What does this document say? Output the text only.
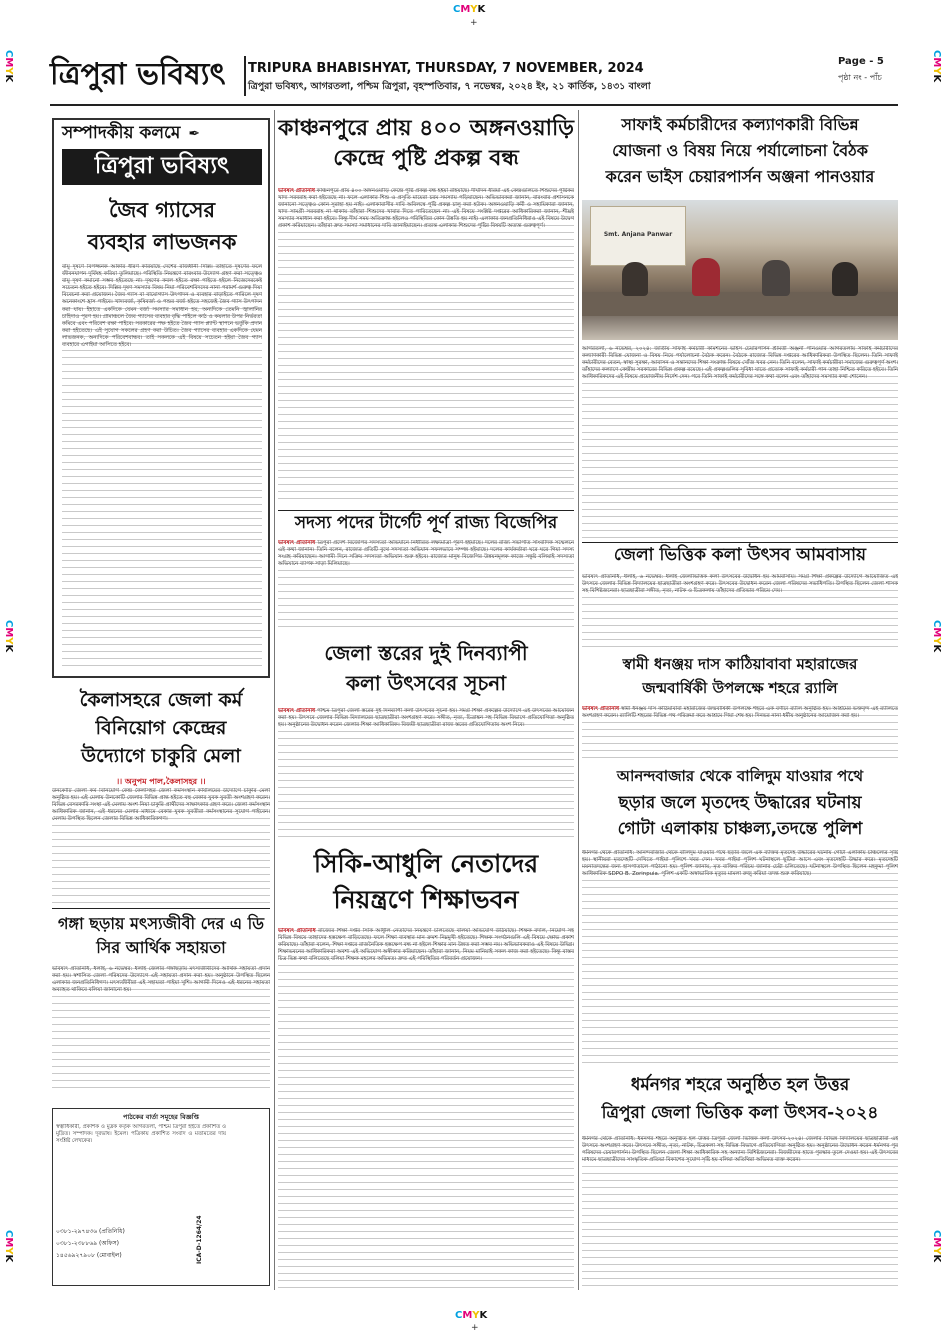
CMYK
+
CMYK
+
CMYK
CMYK
CMYK
CMYK
CMYK
CMYK
ত্রিপুরা ভবিষ্যৎ	TRIPURA BHABISHYAT, THURSDAY, 7 NOVEMBER, 2024
ত্রিপুরা ভবিষ্যৎ, আগরতলা, পশ্চিম ত্রিপুরা, বৃহস্পতিবার, ৭ নভেম্বর, ২০২৪ ইং, ২১ কার্তিক, ১৪৩১ বাংলা
Page - 5
পৃষ্ঠা নং - পাঁচ
সম্পাদকীয় কলমে ✒
ত্রিপুরা ভবিষ্যৎ
জৈব গ্যাসের
ব্যবহার লাভজনক
বায়ু দূষণে বিপজ্জনক আকার ধারণ করিয়াছে দেশের রাজধানী দিল্লি। তাহাতে দূষণের ফলে জীবনযাপন দুর্বিষহ করিয়া তুলিয়াছে। পরিস্থিতি নিয়ন্ত্রণে বারংবার উদ্যোগ গ্রহণ করা সত্ত্বেও বায়ু দূষণ কমানো সম্ভব হইতেছে না। দূষণের কবল হইতে রক্ষা পাইতে হইলে নিজেদেরকেই সচেতন হইতে হইবে। দিল্লির দূষণ সমস্যার বিষয় নিয়া পরিবেশবিদদের নানা পরামর্শ গুরুত্ব দিয়া বিবেচনা করা প্রয়োজন। জৈব গ্যাস বা বায়োগ্যাস উৎপাদন ও ব্যবহার বাড়াইতে পারিলে দূষণ অনেকাংশে হ্রাস পাইবে। খাদ্যবর্জ্য, কৃষিবর্জ্য ও পশুর বর্জ্য হইতে সহজেই জৈব গ্যাস উৎপাদন করা যায়। ইহাতে একদিকে যেমন বর্জ্য সমস্যার সমাধান হয়, অন্যদিকে তেমনি জ্বালানির চাহিদাও পূরণ হয়। গ্রামাঞ্চলে জৈব গ্যাসের ব্যবহার বৃদ্ধি পাইলে কাঠ ও কয়লার উপর নির্ভরতা কমিবে এবং পরিবেশ রক্ষা পাইবে। সরকারের পক্ষ হইতে জৈব গ্যাস প্ল্যান্ট স্থাপনে ভর্তুকি প্রদান করা হইতেছে। এই সুযোগ সকলের গ্রহণ করা উচিত। জৈব গ্যাসের ব্যবহার একদিকে যেমন লাভজনক, অন্যদিকে পরিবেশবান্ধব। তাই সকলকে এই বিষয়ে সচেতন হইয়া জৈব গ্যাস ব্যবহারে এগাইয়া আসিতে হইবে।
কৈলাসহরে জেলা কর্ম
বিনিয়োগ কেন্দ্রের
উদ্যোগে চাকুরি মেলা
।। অনুপম পাল,কৈলাসহর ।।
উনকোটি জেলা কর্ম বিনিয়োগ কেন্দ্র কৈলাসহর জেলা কর্মসংস্থান কার্যালয়ের উদ্যোগে চাকুরি মেলা অনুষ্ঠিত হয়। এই মেলায় উনকোটি জেলার বিভিন্ন প্রান্ত হইতে বহু বেকার যুবক যুবতী অংশগ্রহণ করেন। বিভিন্ন বেসরকারি সংস্থা এই মেলায় অংশ নিয়া চাকুরি প্রার্থীদের সাক্ষাৎকার গ্রহণ করে। জেলা কর্মসংস্থান আধিকারিক জানান, এই ধরনের মেলার মাধ্যমে বেকার যুবক যুবতীরা কর্মসংস্থানের সুযোগ পাইবেন। মেলায় উপস্থিত ছিলেন জেলার বিভিন্ন আধিকারিকগণ।
গঙ্গা ছড়ায় মৎস্যজীবী দের এ ডি সির আর্থিক সহায়তা
ভবিষ্যৎ প্রতিনিধি, ধলাই, ৬ নভেম্বর: ধলাই জেলার গঙ্গাছড়ায় মৎস্যজীবীদের আর্থিক সহায়তা প্রদান করা হয়। স্বশাসিত জেলা পরিষদের উদ্যোগে এই সহায়তা প্রদান করা হয়। অনুষ্ঠানে উপস্থিত ছিলেন এলাকার জনপ্রতিনিধিগণ। মৎস্যজীবীরা এই সহায়তা পাইয়া খুশি। আগামী দিনেও এই ধরনের সহায়তা অব্যাহত থাকিবে বলিয়া জানানো হয়।
পাঠকের বার্তা সমূহের বিজ্ঞপ্তি
স্বত্বাধিকারী, প্রকাশক ও মুদ্রক কর্তৃক আগরতলা, পশ্চিম ত্রিপুরা হইতে প্রকাশিত ও মুদ্রিত। সম্পাদক। দূরভাষ। ইমেল। পত্রিকায় প্রকাশিত সংবাদ ও মতামতের দায় সংশ্লিষ্ট লেখকের।
০৩৮১-২৯৭৪৩৬ (প্রতিনিধি)
০৩৮১-২৩৮৮৬৯ (অফিস)
১৪৫৬৯২৭৯০৮ (মোবাইল)	ICA-D-1264/24
কাঞ্চনপুরে প্রায় ৪০০ অঙ্গনওয়াড়ি
কেন্দ্রে পুষ্টি প্রকল্প বন্ধ
ভবিষ্যৎ প্রতিনিধি কাঞ্চনপুরে প্রায় ৪০০ অঙ্গনওয়াড়ি কেন্দ্রে পুষ্টি প্রকল্প বন্ধ হইয়া রহিয়াছে। দীর্ঘদিন ধরিয়া এই কেন্দ্রগুলিতে শিশুদের পুষ্টিকর খাদ্য সরবরাহ করা হইতেছে না। ফলে এলাকার শিশু ও প্রসূতি মায়েরা চরম সমস্যায় পড়িয়াছেন। অভিভাবকরা জানান, বারংবার প্রশাসনকে জানানো সত্ত্বেও কোন সুরাহা হয় নাই। এলাকাবাসীর দাবি অবিলম্বে পুষ্টি প্রকল্প চালু করা হউক। অঙ্গনওয়াড়ি কর্মী ও সহায়িকারা জানান, খাদ্য সামগ্রী সরবরাহ না থাকায় তাঁহারা শিশুদের খাবার দিতে পারিতেছেন না। এই বিষয়ে সংশ্লিষ্ট দপ্তরের আধিকারিকরা জানান, শীঘ্রই সমস্যার সমাধান করা হইবে। কিন্তু দীর্ঘ সময় অতিক্রান্ত হইলেও পরিস্থিতির কোন উন্নতি হয় নাই। এলাকার জনপ্রতিনিধিরাও এই বিষয়ে উদ্বেগ প্রকাশ করিয়াছেন। তাঁহারা দ্রুত সমস্যা সমাধানের দাবি জানাইয়াছেন। প্রত্যন্ত এলাকার শিশুদের পুষ্টির বিষয়টি অত্যন্ত গুরুত্বপূর্ণ।
সদস্য পদের টার্গেট পূর্ণ রাজ্য বিজেপির
ভবিষ্যৎ প্রতিনিধি ত্রিপুরা প্রদেশ বিজেপির সদস্যতা অভিযানে নির্ধারিত লক্ষ্যমাত্রা পূরণ হইয়াছে। দলের রাজ্য সভাপতি সাংবাদিক সম্মেলনে এই কথা জানান। তিনি বলেন, রাজ্যের প্রতিটি বুথে সদস্যতা অভিযান সফলভাবে সম্পন্ন হইয়াছে। দলের কার্যকর্তারা ঘরে ঘরে গিয়া সদস্য সংগ্রহ করিয়াছেন। আগামী দিনে সক্রিয় সদস্যতা অভিযান শুরু হইবে। রাজ্যের মানুষ বিজেপির উন্নয়নমূলক কাজে সন্তুষ্ট বলিয়াই সদস্যতা অভিযানে ব্যাপক সাড়া মিলিয়াছে।
জেলা স্তরের দুই দিনব্যাপী
কলা উৎসবের সূচনা
ভবিষ্যৎ প্রতিনিধি পশ্চিম ত্রিপুরা জেলা স্তরের দুই দিনব্যাপী কলা উৎসবের সূচনা হয়। সমগ্র শিক্ষা প্রকল্পের উদ্যোগে এই উৎসবের আয়োজন করা হয়। উৎসবে জেলার বিভিন্ন বিদ্যালয়ের ছাত্রছাত্রীরা অংশগ্রহণ করে। সঙ্গীত, নৃত্য, চিত্রাঙ্কন সহ বিভিন্ন বিভাগে প্রতিযোগিতা অনুষ্ঠিত হয়। অনুষ্ঠানের উদ্বোধন করেন জেলার শিক্ষা আধিকারিক। বিজয়ী ছাত্রছাত্রীরা রাজ্য স্তরের প্রতিযোগিতায় অংশ নিবে।
সিকি-আধুলি নেতাদের
নিয়ন্ত্রণে শিক্ষাভবন
ভবিষ্যৎ প্রতিনিধি রাজ্যের শিক্ষা দপ্তর সিকি আধুলি নেতাদের নিয়ন্ত্রণে চলিতেছে বলিয়া অভিযোগ উঠিয়াছে। শিক্ষক বদলি, নিয়োগ সহ বিভিন্ন বিষয়ে তাহাদের হস্তক্ষেপ বাড়িতেছে। ফলে শিক্ষা ব্যবস্থার মান ক্রমশ নিম্নমুখী হইতেছে। শিক্ষক সংগঠনগুলি এই বিষয়ে ক্ষোভ প্রকাশ করিয়াছে। তাঁহারা বলেন, শিক্ষা দপ্তরে রাজনৈতিক হস্তক্ষেপ বন্ধ না হইলে শিক্ষার মান উন্নত করা সম্ভব নয়। অভিভাবকরাও এই বিষয়ে উদ্বিগ্ন। শিক্ষাভবনের আধিকারিকরা অবশ্য এই অভিযোগ অস্বীকার করিয়াছেন। তাঁহারা জানান, নিয়ম মানিয়াই সকল কাজ করা হইতেছে। কিন্তু বাস্তব চিত্র ভিন্ন কথা বলিতেছে বলিয়া শিক্ষক মহলের অভিমত। দ্রুত এই পরিস্থিতির পরিবর্তন প্রয়োজন।
সাফাই কর্মচারীদের কল্যাণকারী বিভিন্ন
যোজনা ও বিষয় নিয়ে পর্যালোচনা বৈঠক
করেন ভাইস চেয়ারপার্সন অঞ্জনা পানওয়ার
Smt. Anjana Panwar
আগরতলা, ৬ নভেম্বর, ২০২৪: জাতীয় সাফাই কর্মচারী কমিশনের ভাইস চেয়ারপার্সন শ্রীমতী অঞ্জনা পানওয়ার আগরতলায় সাফাই কর্মচারীদের কল্যাণকারী বিভিন্ন যোজনা ও বিষয় নিয়ে পর্যালোচনা বৈঠক করেন। বৈঠকে রাজ্যের বিভিন্ন দপ্তরের আধিকারিকরা উপস্থিত ছিলেন। তিনি সাফাই কর্মচারীদের বেতন, স্বাস্থ্য সুরক্ষা, আবাসন ও সন্তানদের শিক্ষা সংক্রান্ত বিষয়ে খোঁজ খবর নেন। তিনি বলেন, সাফাই কর্মচারীরা সমাজের গুরুত্বপূর্ণ অংশ। তাঁহাদের কল্যাণে কেন্দ্রীয় সরকারের বিভিন্ন প্রকল্প রয়েছে। এই প্রকল্পগুলির সুবিধা যাতে প্রত্যেক সাফাই কর্মচারী পান তাহা নিশ্চিত করিতে হইবে। তিনি আধিকারিকদের এই বিষয়ে প্রয়োজনীয় নির্দেশ দেন। পরে তিনি সাফাই কর্মচারীদের সঙ্গে কথা বলেন এবং তাঁহাদের সমস্যার কথা শোনেন।
জেলা ভিত্তিক কলা উৎসব আমবাসায়
ভবিষ্যৎ প্রতিনিধি, ধলাই, ৬ নভেম্বর: ধলাই জেলাভিত্তিক কলা উৎসবের উদ্বোধন হয় আমবাসায়। সমগ্র শিক্ষা প্রকল্পের উদ্যোগে আয়োজিত এই উৎসবে জেলার বিভিন্ন বিদ্যালয়ের ছাত্রছাত্রীরা অংশগ্রহণ করে। উৎসবের উদ্বোধন করেন জেলা পরিষদের সভাধিপতি। উপস্থিত ছিলেন জেলা শাসক সহ বিশিষ্টজনেরা। ছাত্রছাত্রীরা সঙ্গীত, নৃত্য, নাটক ও চিত্রকলায় তাঁহাদের প্রতিভার পরিচয় দেয়।
স্বামী ধনঞ্জয় দাস কাঠিয়াবাবা মহারাজের
জন্মবার্ষিকী উপলক্ষে শহরে র‍্যালি
ভবিষ্যৎ প্রতিনিধি স্বামী ধনঞ্জয় দাস কাঠিয়াবাবা মহারাজের জন্মবার্ষিকী উপলক্ষে শহরে এক বর্ণাঢ্য র‍্যালি অনুষ্ঠিত হয়। আশ্রমের ভক্তবৃন্দ এই র‍্যালিতে অংশগ্রহণ করেন। র‍্যালিটি শহরের বিভিন্ন পথ পরিক্রমা করে আশ্রমে গিয়া শেষ হয়। দিনভর নানা ধর্মীয় অনুষ্ঠানের আয়োজন করা হয়।
আনন্দবাজার থেকে বালিদুম যাওয়ার পথে
ছড়ার জলে মৃতদেহ উদ্ধারের ঘটনায়
গোটা এলাকায় চাঞ্চল্য,তদন্তে পুলিশ
ধর্মনগর থেকে প্রতিনিধি: আনন্দবাজার থেকে বালিদুম যাওয়ার পথে ছড়ার জলে এক ব্যক্তির মৃতদেহ উদ্ধারের ঘটনায় গোটা এলাকায় চাঞ্চল্যের সৃষ্টি হয়। স্থানীয়রা মৃতদেহটি দেখিতে পাইয়া পুলিশে খবর দেন। খবর পাইয়া পুলিশ ঘটনাস্থলে ছুটিয়া আসে এবং মৃতদেহটি উদ্ধার করে। মৃতদেহটি ময়নাতদন্তের জন্য হাসপাতালে পাঠানো হয়। পুলিশ জানায়, মৃত ব্যক্তির পরিচয় জানার চেষ্টা চলিতেছে। ঘটনাস্থলে উপস্থিত ছিলেন মহকুমা পুলিশ আধিকারিক SDPO B. Zorinpuia. পুলিশ একটি অস্বাভাবিক মৃত্যুর মামলা রুজু করিয়া তদন্ত শুরু করিয়াছে।
ধর্মনগর শহরে অনুষ্ঠিত হল উত্তর
ত্রিপুরা জেলা ভিত্তিক কলা উৎসব-২০২৪
ধর্মনগর থেকে প্রতিনিধি: ধর্মনগর শহরে অনুষ্ঠিত হল উত্তর ত্রিপুরা জেলা ভিত্তিক কলা উৎসব-২০২৪। জেলার বিভিন্ন বিদ্যালয়ের ছাত্রছাত্রীরা এই উৎসবে অংশগ্রহণ করে। উৎসবে সঙ্গীত, নৃত্য, নাটক, চিত্রকলা সহ বিভিন্ন বিভাগে প্রতিযোগিতা অনুষ্ঠিত হয়। অনুষ্ঠানের উদ্বোধন করেন ধর্মনগর পুর পরিষদের চেয়ারপার্সন। উপস্থিত ছিলেন জেলা শিক্ষা আধিকারিক সহ অন্যান্য বিশিষ্টজনেরা। বিজয়ীদের হাতে পুরস্কার তুলে দেওয়া হয়। এই উৎসবের মাধ্যমে ছাত্রছাত্রীদের সাংস্কৃতিক প্রতিভা বিকাশের সুযোগ সৃষ্টি হয় বলিয়া অতিথিরা অভিমত ব্যক্ত করেন।
